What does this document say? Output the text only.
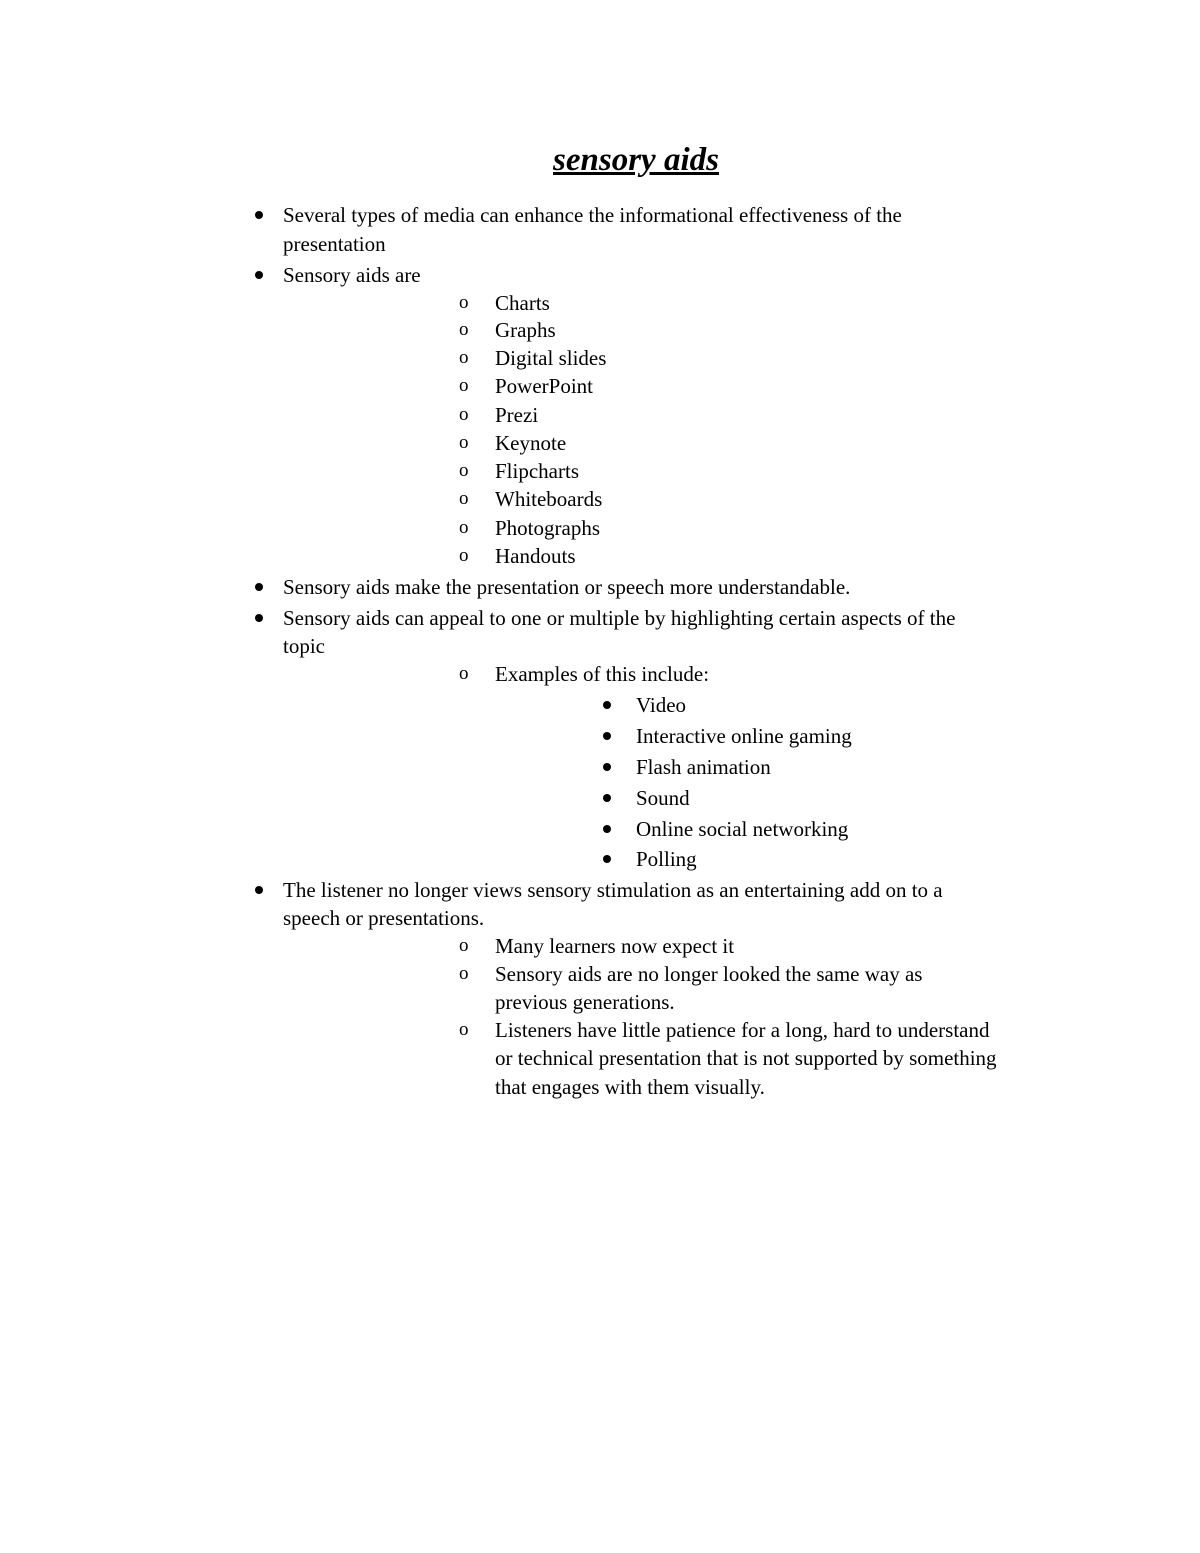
sensory aids
Several types of media can enhance the informational effectiveness of the
presentation
Sensory aids are
o Charts
o Graphs
o Digital slides
o PowerPoint
o Prezi
o Keynote
o Flipcharts
o Whiteboards
o Photographs
o Handouts
Sensory aids make the presentation or speech more understandable.
Sensory aids can appeal to one or multiple by highlighting certain aspects of the
topic
o Examples of this include:
Video
Interactive online gaming
Flash animation
Sound
Online social networking
Polling
The listener no longer views sensory stimulation as an entertaining add on to a
speech or presentations.
o Many learners now expect it
o Sensory aids are no longer looked the same way as
previous generations.
o Listeners have little patience for a long, hard to understand
or technical presentation that is not supported by something
that engages with them visually.
